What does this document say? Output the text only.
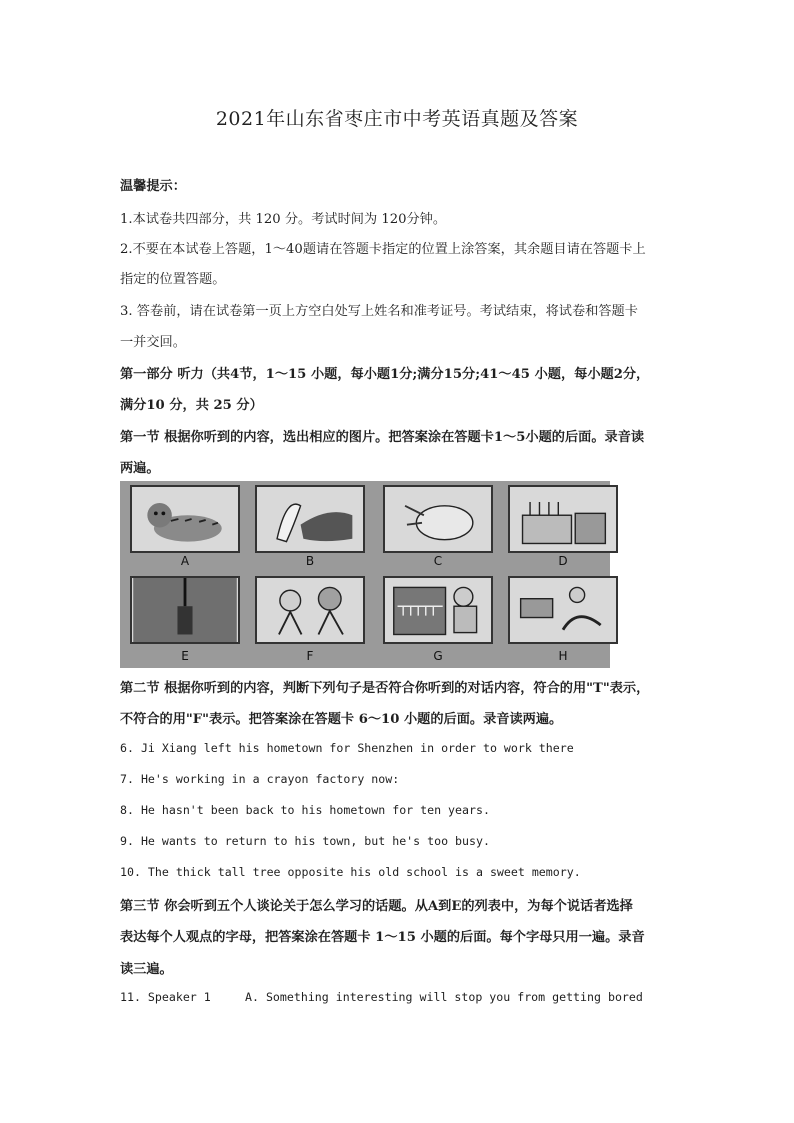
2021年山东省枣庄市中考英语真题及答案
温馨提示：
1.本试卷共四部分，共 120 分。考试时间为 120分钟。
2.不要在本试卷上答题，1～40题请在答题卡指定的位置上涂答案，其余题目请在答题卡上
指定的位置答题。
3. 答卷前，请在试卷第一页上方空白处写上姓名和准考证号。考试结束，将试卷和答题卡
一并交回。
第一部分 听力（共4节，1～15 小题，每小题1分;满分15分;41～45 小题，每小题2分，
满分10 分，共 25 分）
第一节 根据你听到的内容，选出相应的图片。把答案涂在答题卡1～5小题的后面。录音读
两遍。
A	B	C	D
E	F	G	H
第二节 根据你听到的内容，判断下列句子是否符合你听到的对话内容，符合的用"T"表示，
不符合的用"F"表示。把答案涂在答题卡 6～10 小题的后面。录音读两遍。
6. Ji Xiang left his hometown for Shenzhen in order to work there
7. He's working in a crayon factory now:
8. He hasn't been back to his hometown for ten years.
9. He wants to return to his town, but he's too busy.
10. The thick tall tree opposite his old school is a sweet memory.
第三节 你会听到五个人谈论关于怎么学习的话题。从A到E的列表中，为每个说话者选择
表达每个人观点的字母，把答案涂在答题卡 1～15 小题的后面。每个字母只用一遍。录音
读三遍。
11. Speaker 1	A. Something interesting will stop you from getting bored
